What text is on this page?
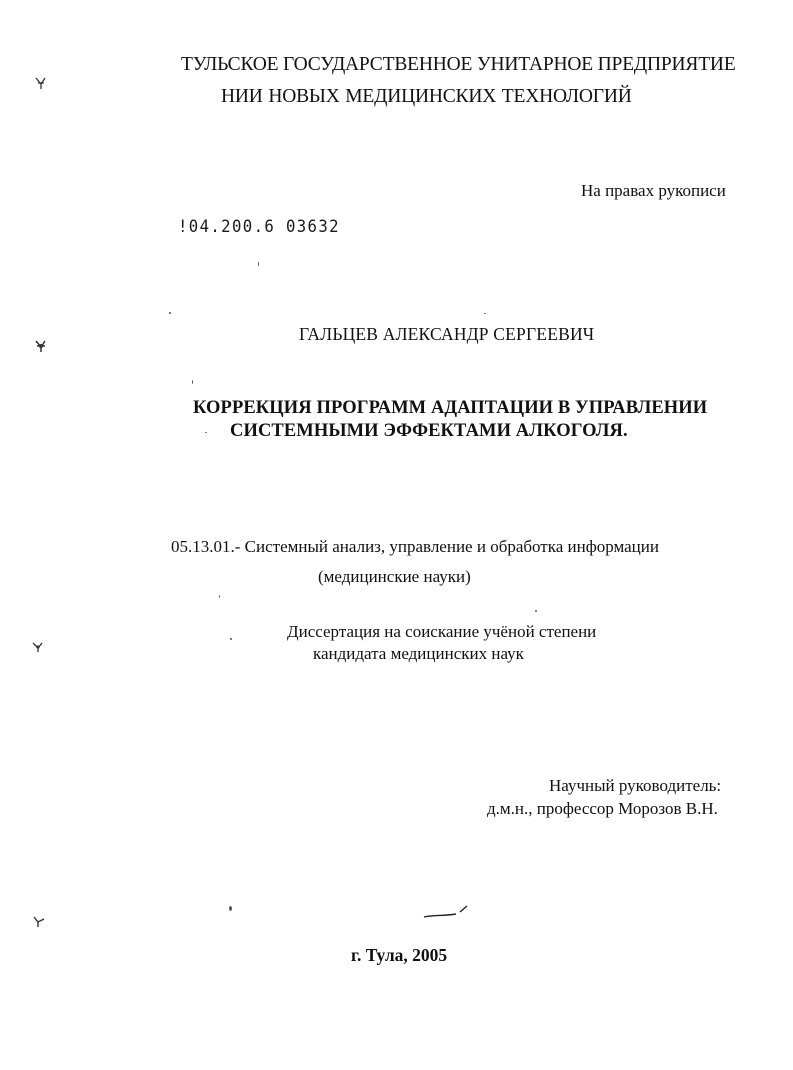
ТУЛЬСКОЕ ГОСУДАРСТВЕННОЕ УНИТАРНОЕ ПРЕДПРИЯТИЕ
НИИ НОВЫХ МЕДИЦИНСКИХ ТЕХНОЛОГИЙ
На правах рукописи
!04.200.6 03632
ГАЛЬЦЕВ АЛЕКСАНДР СЕРГЕЕВИЧ
КОРРЕКЦИЯ ПРОГРАММ АДАПТАЦИИ В УПРАВЛЕНИИ
СИСТЕМНЫМИ ЭФФЕКТАМИ АЛКОГОЛЯ.
05.13.01.- Системный анализ, управление и обработка информации
(медицинские науки)
Диссертация на соискание учёной степени
кандидата медицинских наук
Научный руководитель:
д.м.н., профессор Морозов В.Н.
г. Тула, 2005
